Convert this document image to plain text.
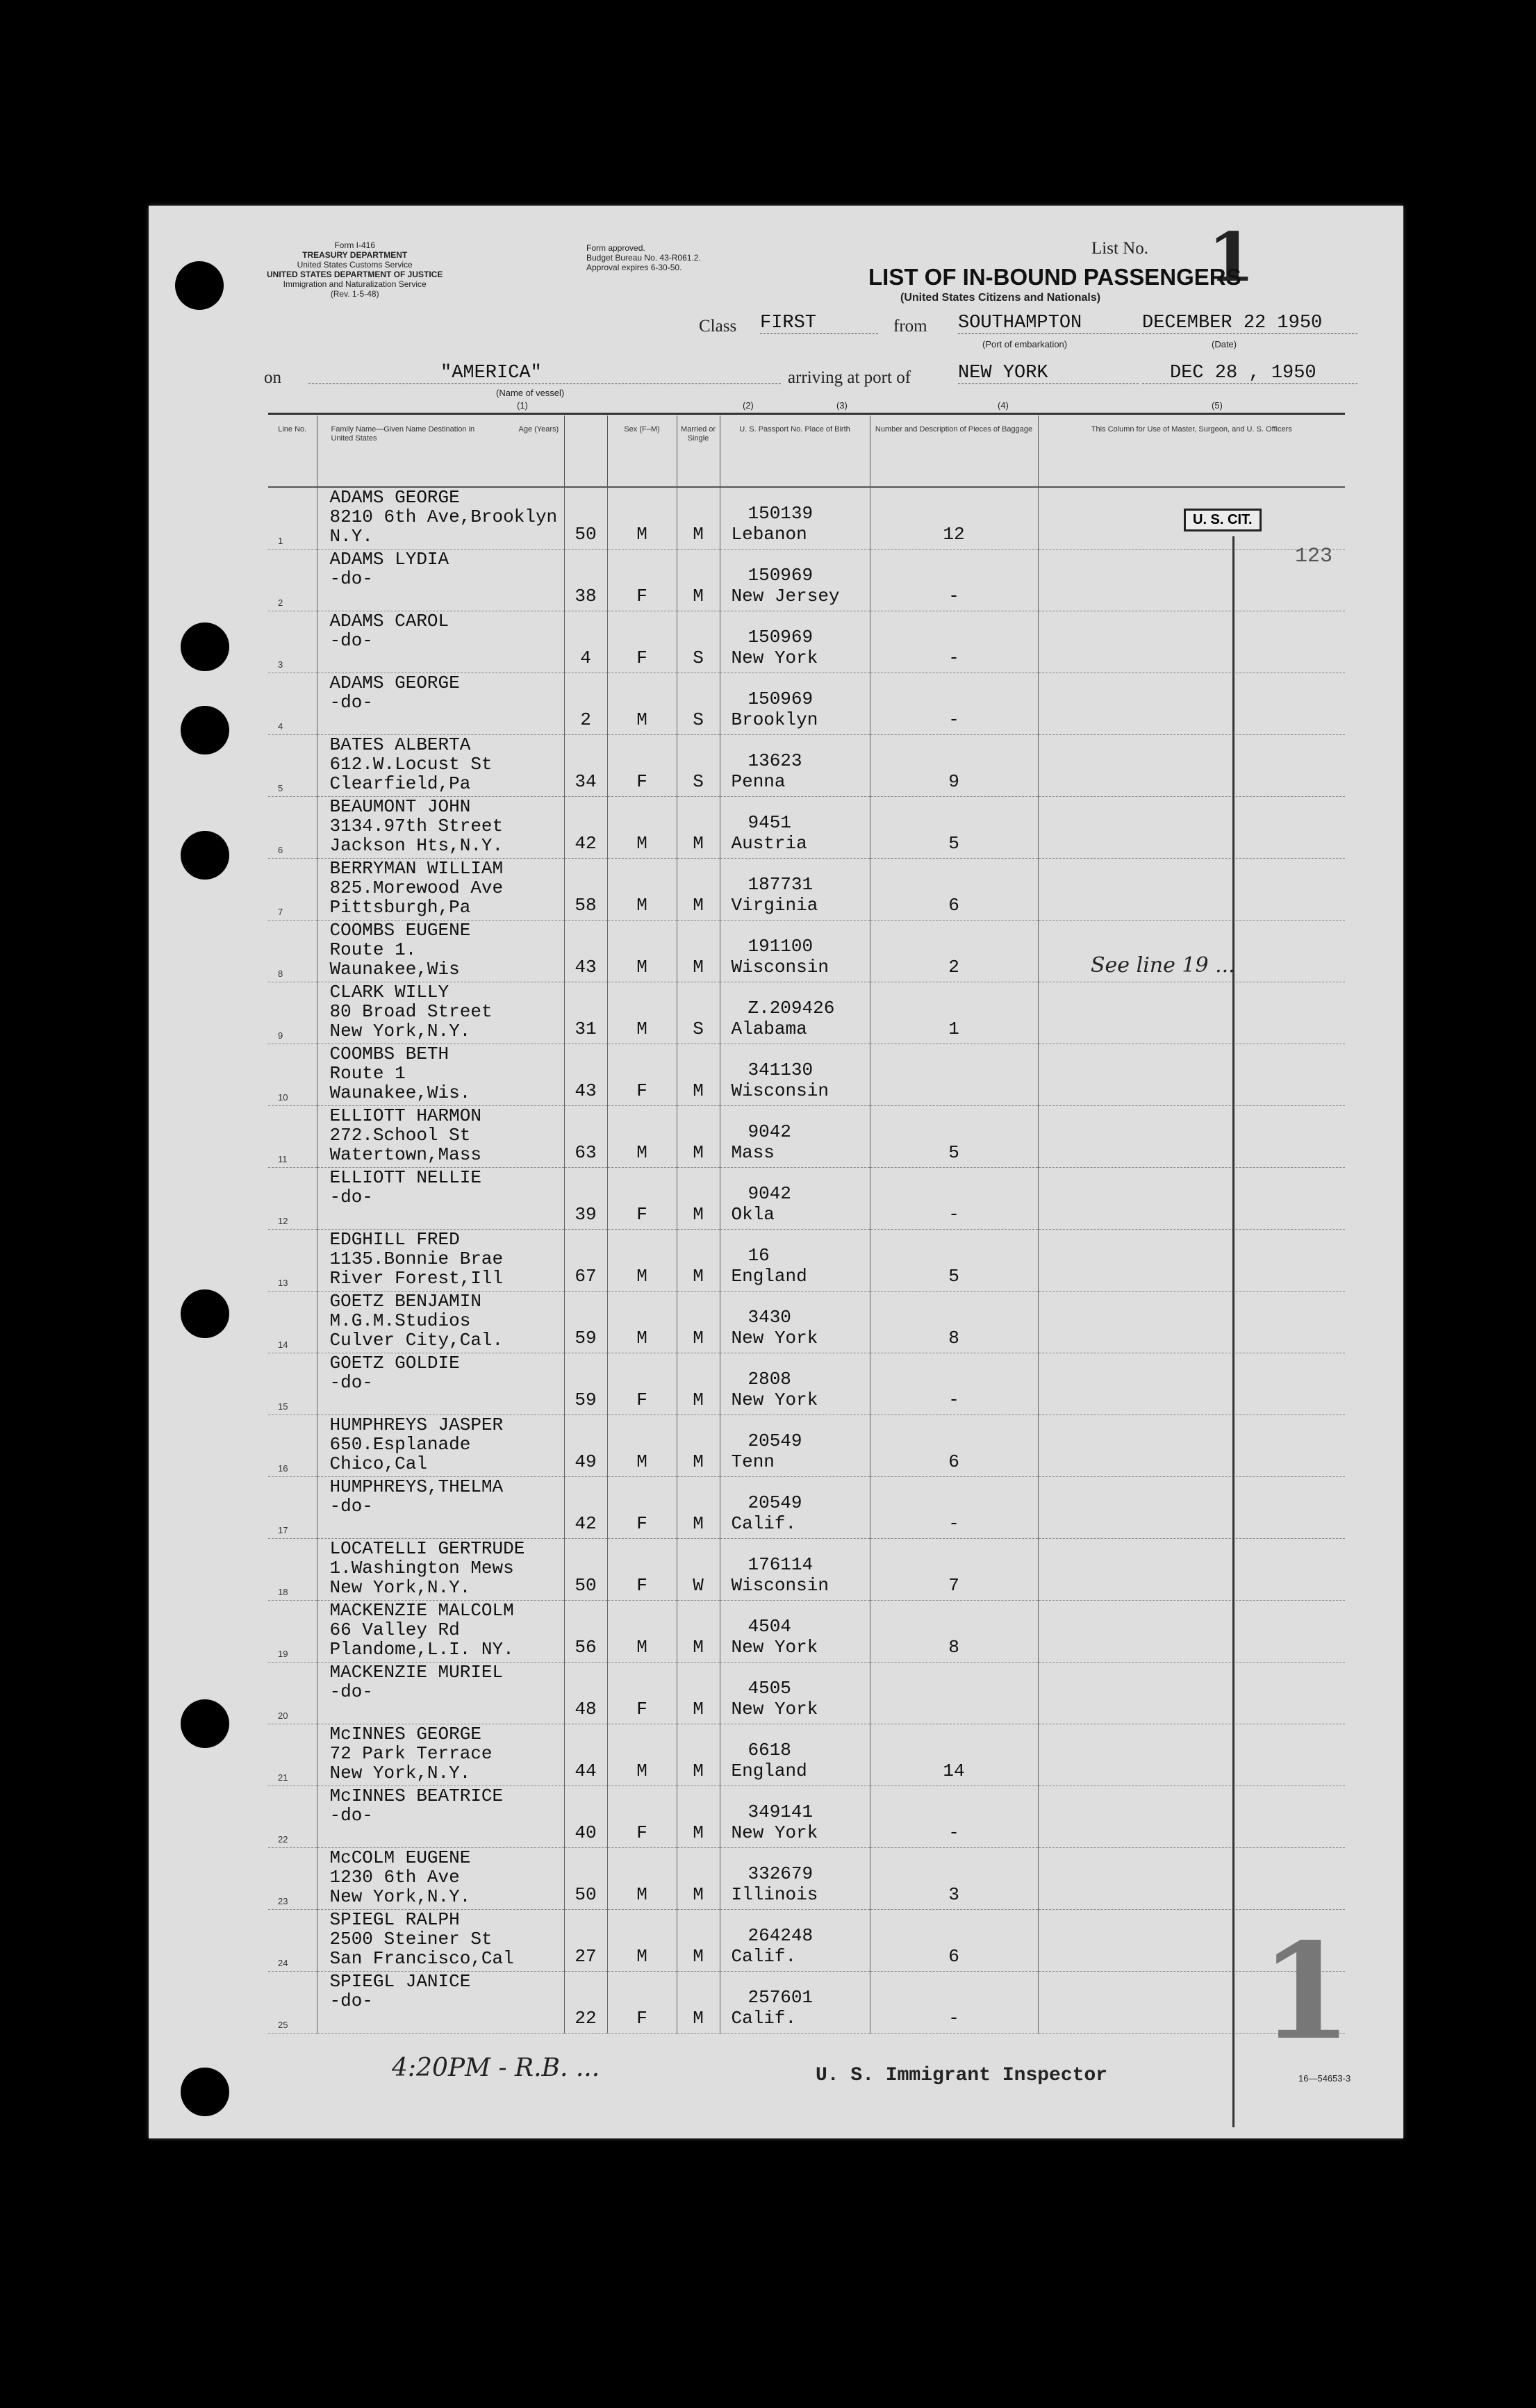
Form I-416
TREASURY DEPARTMENT
United States Customs Service
UNITED STATES DEPARTMENT OF JUSTICE
Immigration and Naturalization Service
(Rev. 1-5-48)
Form approved.
Budget Bureau No. 43-R061.2.
Approval expires 6-30-50.
List No. 1
LIST OF IN-BOUND PASSENGERS
(United States Citizens and Nationals)
Class FIRST	from SOUTHAMPTON
(Port of embarkation)
DECEMBER 22 1950
(Date)
on	"AMERICA"
(Name of vessel)
arriving at port of	NEW YORK	DEC 28 , 1950
(1)	(2)	(3)	(4)	(5)
Line No.	Family Name—Given Name Destination in United StatesAge (Years)		Sex (F–M)	Married or Single	U. S. Passport No. Place of Birth	Number and Description of Pieces of Baggage	This Column for Use of Master, Surgeon, and U. S. Officers

1	ADAMS GEORGE
8210 6th Ave,Brooklyn
N.Y.	50	M	M	150139
Lebanon	12	

2	ADAMS LYDIA
-do-	38	F	M	150969
New Jersey	-	

3	ADAMS CAROL
-do-	4	F	S	150969
New York	-	

4	ADAMS GEORGE
-do-	2	M	S	150969
Brooklyn	-	

5	BATES ALBERTA
612.W.Locust St
Clearfield,Pa	34	F	S	13623
Penna	9	

6	BEAUMONT JOHN
3134.97th Street
Jackson Hts,N.Y.	42	M	M	9451
Austria	5	

7	BERRYMAN WILLIAM
825.Morewood Ave
Pittsburgh,Pa	58	M	M	187731
Virginia	6	

8	COOMBS EUGENE
Route 1.
Waunakee,Wis	43	M	M	191100
Wisconsin	2	

9	CLARK WILLY
80 Broad Street
New York,N.Y.	31	M	S	Z.209426
Alabama	1	

10	COOMBS BETH
Route 1
Waunakee,Wis.	43	F	M	341130
Wisconsin		

11	ELLIOTT HARMON
272.School St
Watertown,Mass	63	M	M	9042
Mass	5	

12	ELLIOTT NELLIE
-do-	39	F	M	9042
Okla	-	

13	EDGHILL FRED
1135.Bonnie Brae
River Forest,Ill	67	M	M	16
England	5	

14	GOETZ BENJAMIN
M.G.M.Studios
Culver City,Cal.	59	M	M	3430
New York	8	

15	GOETZ GOLDIE
-do-	59	F	M	2808
New York	-	

16	HUMPHREYS JASPER
650.Esplanade
Chico,Cal	49	M	M	20549
Tenn	6	

17	HUMPHREYS,THELMA
-do-	42	F	M	20549
Calif.	-	

18	LOCATELLI GERTRUDE
1.Washington Mews
New York,N.Y.	50	F	W	176114
Wisconsin	7	

19	MACKENZIE MALCOLM
66 Valley Rd
Plandome,L.I. NY.	56	M	M	4504
New York	8	

20	MACKENZIE MURIEL
-do-	48	F	M	4505
New York		

21	McINNES GEORGE
72 Park Terrace
New York,N.Y.	44	M	M	6618
England	14	

22	McINNES BEATRICE
-do-	40	F	M	349141
New York	-	

23	McCOLM EUGENE
1230 6th Ave
New York,N.Y.	50	M	M	332679
Illinois	3	

24	SPIEGL RALPH
2500 Steiner St
San Francisco,Cal	27	M	M	264248
Calif.	6	

25	SPIEGL JANICE
-do-	22	F	M	257601
Calif.	-	

U. S. CIT.
123
See line 19 ...
1
4:20PM - R.B. ...	U. S. Immigrant Inspector	16—54653-3
